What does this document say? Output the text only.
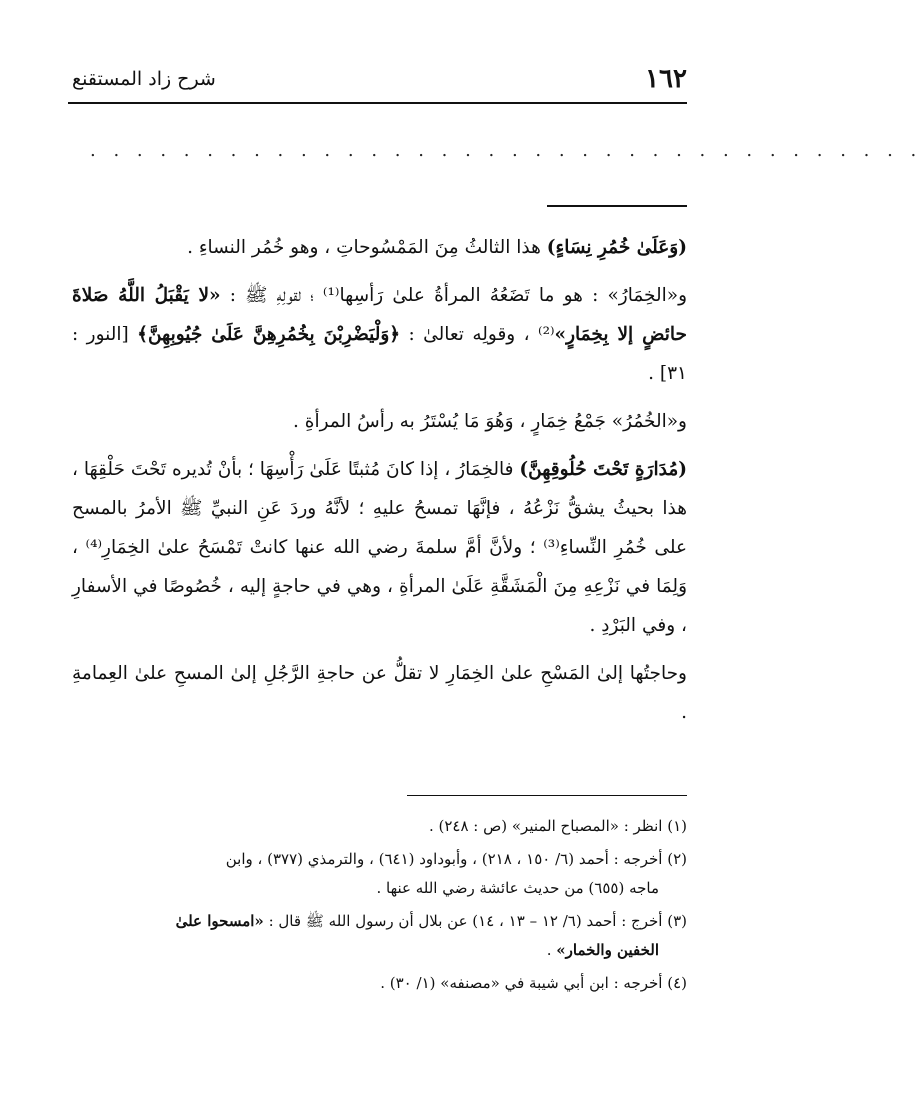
١٦٢
شرح زاد المستقنع
. . . . . . . . . . . . . . . . . . . . . . . . . . . . . . . . . . . .

(وَعَلَىٰ خُمُرِ نِسَاءٍ) هذا الثالثُ مِنَ المَمْسُوحاتِ ، وهو خُمُر النساءِ .

و«الخِمَارُ» : هو ما تَضَعُهُ المرأةُ علىٰ رَأسِها⁽¹⁾ ؛ لقولِهِ ﷺ : «لا يَقْبَلُ اللَّهُ صَلاةَ حائضٍ إلا بِخِمَارٍ»⁽²⁾ ، وقولِه تعالىٰ : ﴿وَلْيَضْرِبْنَ بِخُمُرِهِنَّ عَلَىٰ جُيُوبِهِنَّ﴾ [النور : ٣١] .

و«الخُمُرُ» جَمْعُ خِمَارٍ ، وَهُوَ مَا يُسْتَرُ به رأسُ المرأةِ .

(مُدَارَةٍ تَحْتَ حُلُوقِهِنَّ) فالخِمَارُ ، إذا كانَ مُثبتًا عَلَىٰ رَأْسِهَا ؛ بأنْ تُديره تَحْتَ حَلْقِهَا ، هذا بحيثُ يشقُّ نَزْعُهُ ، فإنَّهَا تمسحُ عليهِ ؛ لأنَّهُ وردَ عَنِ النبيِّ ﷺ الأمرُ بالمسح على خُمُرِ النِّساءِ⁽³⁾ ؛ ولأنَّ أمَّ سلمةَ رضي الله عنها كانتْ تَمْسَحُ علىٰ الخِمَارِ⁽⁴⁾ ، وَلِمَا في نَزْعِهِ مِنَ الْمَشَقَّةِ عَلَىٰ المرأةِ ، وهي في حاجةٍ إليه ، خُصُوصًا في الأسفارِ ، وفي البَرْدِ .

وحاجتُها إلىٰ المَسْحِ علىٰ الخِمَارِ لا تقلُّ عن حاجةِ الرَّجُلِ إلىٰ المسحِ علىٰ العِمامةِ .

(١) انظر : «المصباح المنير» (ص : ٢٤٨) .

(٢) أخرجه : أحمد (٦/ ١٥٠ ، ٢١٨) ، وأبوداود (٦٤١) ، والترمذي (٣٧٧) ، وابن
ماجه (٦٥٥) من حديث عائشة رضي الله عنها .

(٣) أخرج : أحمد (٦/ ١٢ – ١٣ ، ١٤) عن بلال أن رسول الله ﷺ قال : «امسحوا علىٰ
الخفين والخمار» .

(٤) أخرجه : ابن أبي شيبة في «مصنفه» (١/ ٣٠) .
